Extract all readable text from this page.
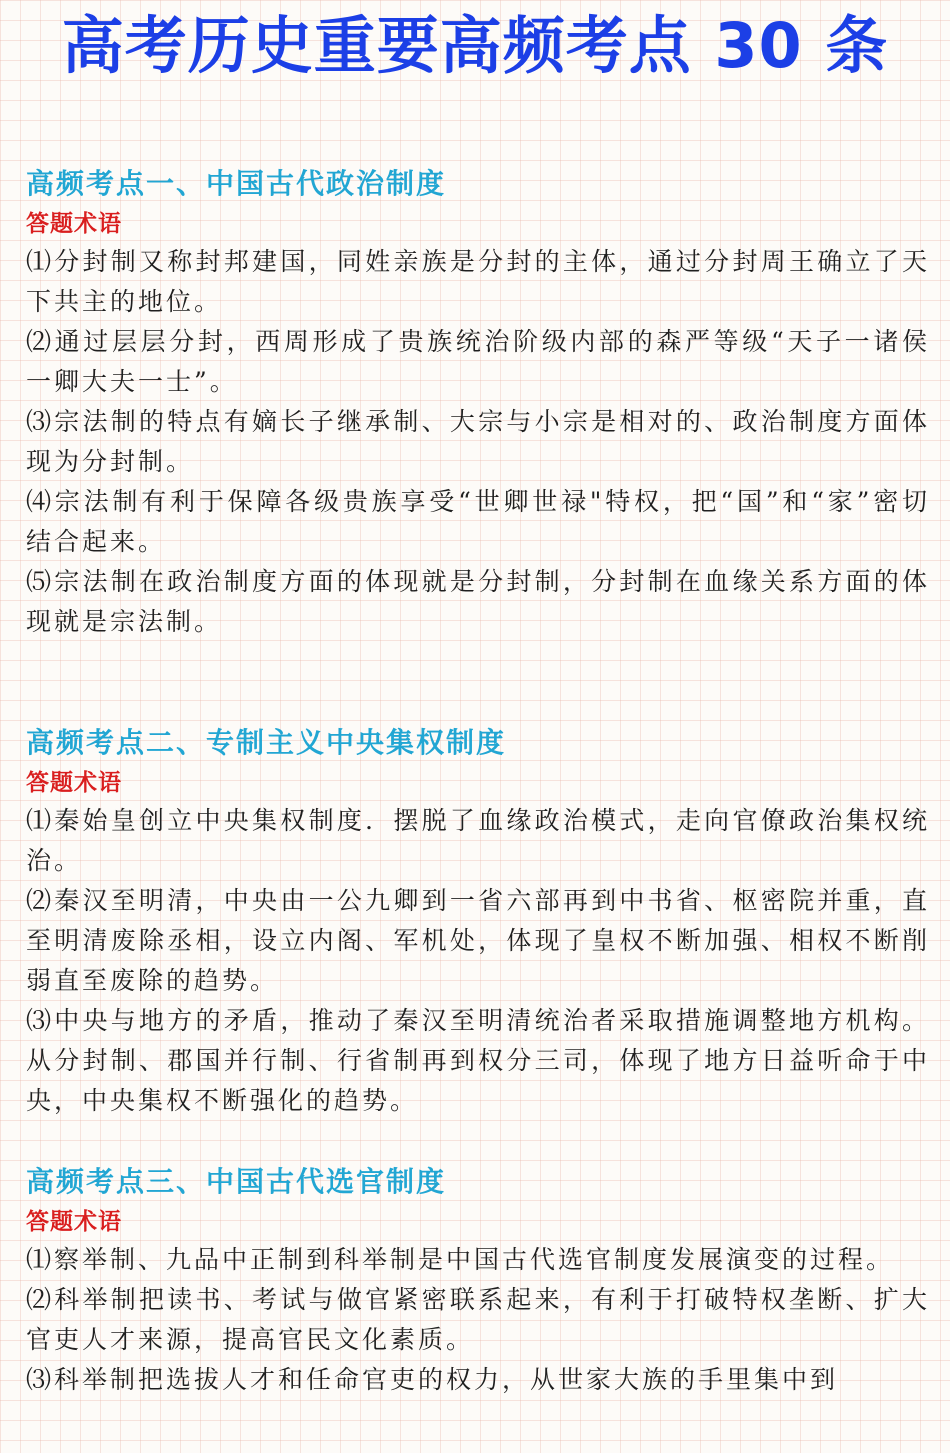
高考历史重要高频考点 30 条
高频考点一、中国古代政治制度
答题术语

⑴分封制又称封邦建国，同姓亲族是分封的主体，通过分封周王确立了天下共主的地位。

⑵通过层层分封，西周形成了贵族统治阶级内部的森严等级“天子一诸侯一卿大夫一士”。

⑶宗法制的特点有嫡长子继承制、大宗与小宗是相对的、政治制度方面体现为分封制。

⑷宗法制有利于保障各级贵族享受“世卿世禄"特权，把“国”和“家”密切结合起来。

⑸宗法制在政治制度方面的体现就是分封制，分封制在血缘关系方面的体现就是宗法制。

高频考点二、专制主义中央集权制度
答题术语

⑴秦始皇创立中央集权制度．摆脱了血缘政治模式，走向官僚政治集权统治。

⑵秦汉至明清，中央由一公九卿到一省六部再到中书省、枢密院并重，直至明清废除丞相，设立内阁、军机处，体现了皇权不断加强、相权不断削弱直至废除的趋势。

⑶中央与地方的矛盾，推动了秦汉至明清统治者采取措施调整地方机构。从分封制、郡国并行制、行省制再到权分三司，体现了地方日益听命于中央，中央集权不断强化的趋势。

高频考点三、中国古代选官制度
答题术语

⑴察举制、九品中正制到科举制是中国古代选官制度发展演变的过程。

⑵科举制把读书、考试与做官紧密联系起来，有利于打破特权垄断、扩大官吏人才来源，提高官民文化素质。

⑶科举制把选拔人才和任命官吏的权力，从世家大族的手里集中到
